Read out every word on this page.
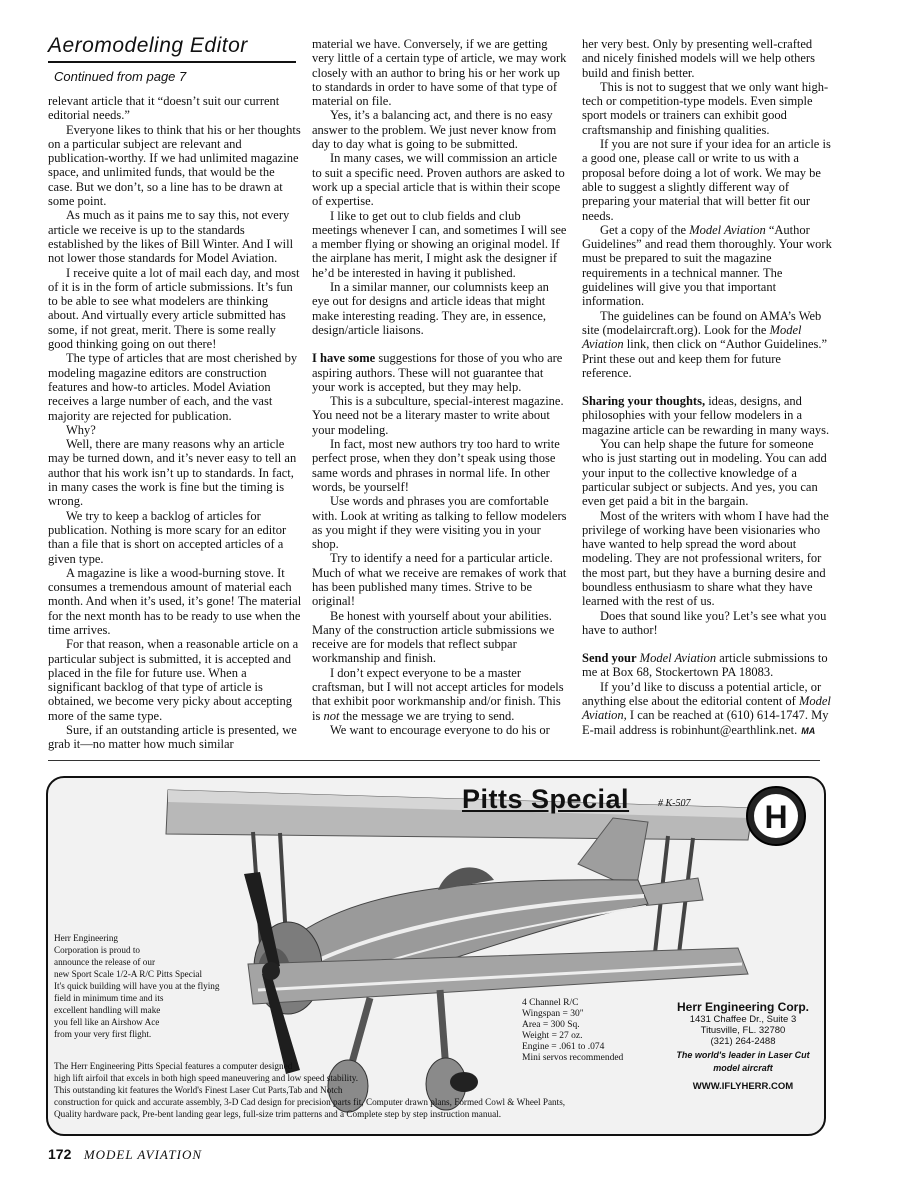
Aeromodeling Editor
Continued from page 7

relevant article that it “doesn’t suit our current editorial needs.”

Everyone likes to think that his or her thoughts on a particular subject are relevant and publication-worthy. If we had unlimited magazine space, and unlimited funds, that would be the case. But we don’t, so a line has to be drawn at some point.

As much as it pains me to say this, not every article we receive is up to the standards established by the likes of Bill Winter. And I will not lower those standards for Model Aviation.

I receive quite a lot of mail each day, and most of it is in the form of article submissions. It’s fun to be able to see what modelers are thinking about. And virtually every article submitted has some, if not great, merit. There is some really good thinking going on out there!

The type of articles that are most cherished by modeling magazine editors are construction features and how-to articles. Model Aviation receives a large number of each, and the vast majority are rejected for publication.

Why?

Well, there are many reasons why an article may be turned down, and it’s never easy to tell an author that his work isn’t up to standards. In fact, in many cases the work is fine but the timing is wrong.

We try to keep a backlog of articles for publication. Nothing is more scary for an editor than a file that is short on accepted articles of a given type.

A magazine is like a wood-burning stove. It consumes a tremendous amount of material each month. And when it’s used, it’s gone! The material for the next month has to be ready to use when the time arrives.

For that reason, when a reasonable article on a particular subject is submitted, it is accepted and placed in the file for future use. When a significant backlog of that type of article is obtained, we become very picky about accepting more of the same type.

Sure, if an outstanding article is presented, we grab it—no matter how much similar

material we have. Conversely, if we are getting very little of a certain type of article, we may work closely with an author to bring his or her work up to standards in order to have some of that type of material on file.

Yes, it’s a balancing act, and there is no easy answer to the problem. We just never know from day to day what is going to be submitted.

In many cases, we will commission an article to suit a specific need. Proven authors are asked to work up a special article that is within their scope of expertise.

I like to get out to club fields and club meetings whenever I can, and sometimes I will see a member flying or showing an original model. If the airplane has merit, I might ask the designer if he’d be interested in having it published.

In a similar manner, our columnists keep an eye out for designs and article ideas that might make interesting reading. They are, in essence, design/article liaisons.

I have some suggestions for those of you who are aspiring authors. These will not guarantee that your work is accepted, but they may help.

This is a subculture, special-interest magazine. You need not be a literary master to write about your modeling.

In fact, most new authors try too hard to write perfect prose, when they don’t speak using those same words and phrases in normal life. In other words, be yourself!

Use words and phrases you are comfortable with. Look at writing as talking to fellow modelers as you might if they were visiting you in your shop.

Try to identify a need for a particular article. Much of what we receive are remakes of work that has been published many times. Strive to be original!

Be honest with yourself about your abilities. Many of the construction article submissions we receive are for models that reflect subpar workmanship and finish.

I don’t expect everyone to be a master craftsman, but I will not accept articles for models that exhibit poor workmanship and/or finish. This is not the message we are trying to send.

We want to encourage everyone to do his or

her very best. Only by presenting well-crafted and nicely finished models will we help others build and finish better.

This is not to suggest that we only want high-tech or competition-type models. Even simple sport models or trainers can exhibit good craftsmanship and finishing qualities.

If you are not sure if your idea for an article is a good one, please call or write to us with a proposal before doing a lot of work. We may be able to suggest a slightly different way of preparing your material that will better fit our needs.

Get a copy of the Model Aviation “Author Guidelines” and read them thoroughly. Your work must be prepared to suit the magazine requirements in a technical manner. The guidelines will give you that important information.

The guidelines can be found on AMA’s Web site (modelaircraft.org). Look for the Model Aviation link, then click on “Author Guidelines.” Print these out and keep them for future reference.

Sharing your thoughts, ideas, designs, and philosophies with your fellow modelers in a magazine article can be rewarding in many ways.

You can help shape the future for someone who is just starting out in modeling. You can add your input to the collective knowledge of a particular subject or subjects. And yes, you can even get paid a bit in the bargain.

Most of the writers with whom I have had the privilege of working have been visionaries who have wanted to help spread the word about modeling. They are not professional writers, for the most part, but they have a burning desire and boundless enthusiasm to share what they have learned with the rest of us.

Does that sound like you? Let’s see what you have to author!

Send your Model Aviation article submissions to me at Box 68, Stockertown PA 18083.

If you’d like to discuss a potential article, or anything else about the editorial content of Model Aviation, I can be reached at (610) 614-1747. My E-mail address is robinhunt@earthlink.net. MA

Pitts Special	# K-507 H
Herr Engineering
Corporation is proud to
announce the release of our
new Sport Scale 1/2-A R/C Pitts Special
It's quick building will have you at the flying
field in minimum time and its
excellent handling will make
you fell like an Airshow Ace
from your very first flight.
4 Channel R/C
Wingspan = 30"
Area = 300 Sq.
Weight = 27 oz.
Engine = .061 to .074
Mini servos recommended
Herr Engineering Corp.
1431 Chaffee Dr., Suite 3
Titusville, FL. 32780
(321) 264-2488
The world's leader in Laser Cut
model aircraft
WWW.IFLYHERR.COM
The Herr Engineering Pitts Special features a computer designed
high lift airfoil that excels in both high speed maneuvering and low speed stability.
This outstanding kit features the World's Finest Laser Cut Parts,Tab and Notch
construction for quick and accurate assembly, 3-D Cad design for precision parts fit, Computer drawn plans, Formed Cowl & Wheel Pants,
Quality hardware pack, Pre-bent landing gear legs, full-size trim patterns and a Complete step by step instruction manual.
172 MODEL AVIATION
